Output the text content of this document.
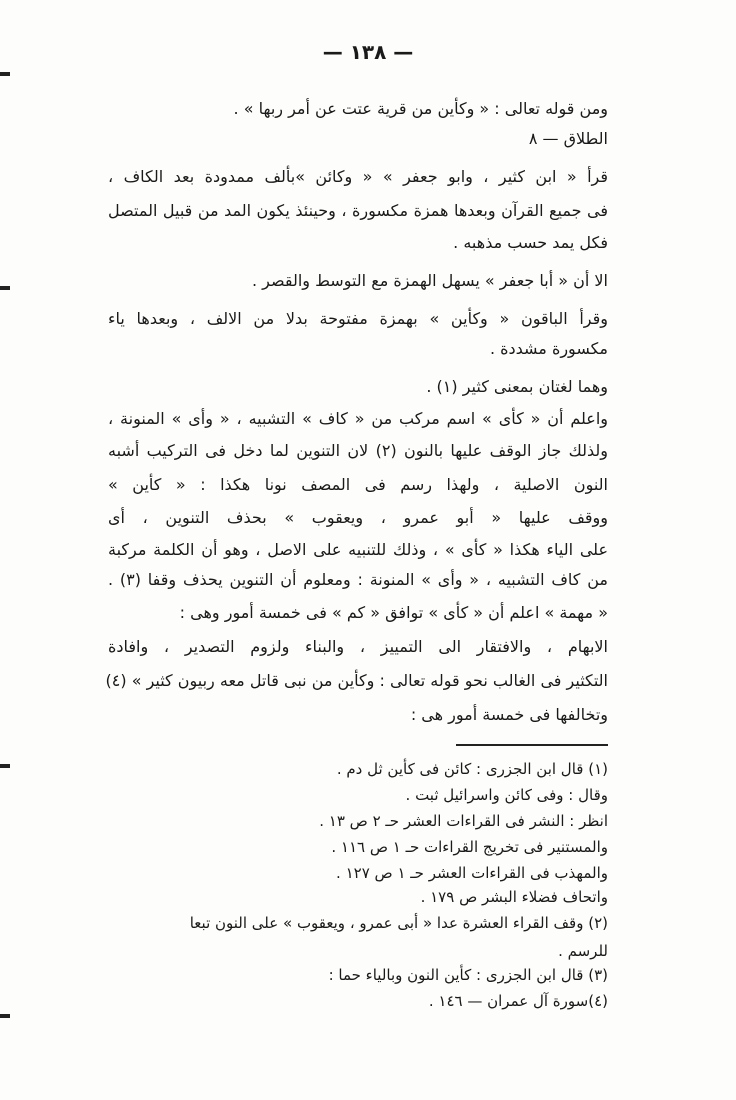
— ١٣٨ —
ومن قوله تعالى : « وكأين من قرية عتت عن أمر ربها » .
الطلاق — ٨
قرأ « ابن كثير ، وابو جعفر » « وكائن »بألف ممدودة بعد الكاف ،
فى جميع القرآن وبعدها همزة مكسورة ، وحينئذ يكون المد من قبيل المتصل
فكل يمد حسب مذهبه .
الا أن « أبا جعفر » يسهل الهمزة مع التوسط والقصر .
وقرأ الباقون « وكأين » بهمزة مفتوحة بدلا من الالف ، وبعدها ياء
مكسورة مشددة .
وهما لغتان بمعنى كثير (١) .
واعلم أن « كأى » اسم مركب من « كاف » التشبيه ، « وأى » المنونة ،
ولذلك جاز الوقف عليها بالنون (٢) لان التنوين لما دخل فى التركيب أشبه
النون الاصلية ، ولهذا رسم فى المصف نونا هكذا : « كأين »
ووقف عليها « أبو عمرو ، ويعقوب » بحذف التنوين ، أى
على الياء هكذا « كأى » ، وذلك للتنبيه على الاصل ، وهو أن الكلمة مركبة
من كاف التشبيه ، « وأى » المنونة : ومعلوم أن التنوين يحذف وقفا (٣) .
« مهمة » اعلم أن « كأى » توافق « كم » فى خمسة أمور وهى :
الابهام ، والافتقار الى التمييز ، والبناء ولزوم التصدير ، وافادة
التكثير فى الغالب نحو قوله تعالى : وكأين من نبى قاتل معه ربيون كثير » (٤)
وتخالفها فى خمسة أمور هى :
(١) قال ابن الجزرى : كائن فى كأين ثل دم .
وقال : وفى كائن واسرائيل ثبت .
انظر : النشر فى القراءات العشر حـ ٢ ص ١٣ .
والمستنير فى تخريج القراءات حـ ١ ص ١١٦ .
والمهذب فى القراءات العشر حـ ١ ص ١٢٧ .
واتحاف فضلاء البشر ص ١٧٩ .
(٢) وقف القراء العشرة عدا « أبى عمرو ، ويعقوب » على النون تبعا
للرسم .
(٣) قال ابن الجزرى : كأين النون وبالياء حما :
(٤)سورة آل عمران — ١٤٦ .
